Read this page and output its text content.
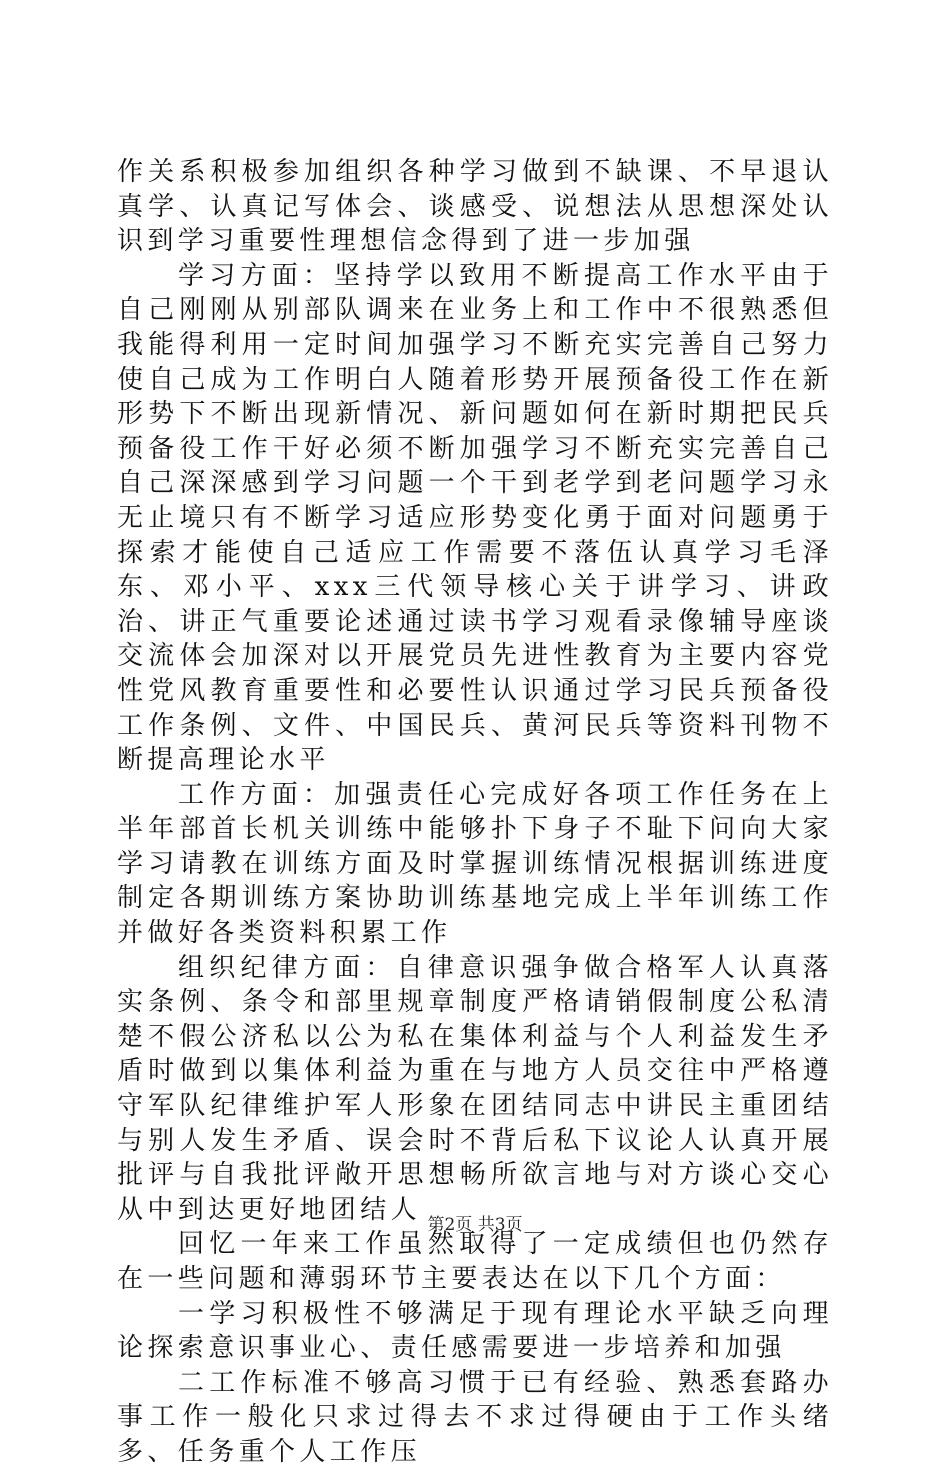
作关系积极参加组织各种学习做到不缺课、不早退认真学、认真记写体会、谈感受、说想法从思想深处认识到学习重要性理想信念得到了进一步加强

学习方面：坚持学以致用不断提高工作水平由于自己刚刚从别部队调来在业务上和工作中不很熟悉但我能得利用一定时间加强学习不断充实完善自己努力使自己成为工作明白人随着形势开展预备役工作在新形势下不断出现新情况、新问题如何在新时期把民兵预备役工作干好必须不断加强学习不断充实完善自己自己深深感到学习问题一个干到老学到老问题学习永无止境只有不断学习适应形势变化勇于面对问题勇于探索才能使自己适应工作需要不落伍认真学习毛泽东、邓小平、xxx三代领导核心关于讲学习、讲政治、讲正气重要论述通过读书学习观看录像辅导座谈交流体会加深对以开展党员先进性教育为主要内容党性党风教育重要性和必要性认识通过学习民兵预备役工作条例、文件、中国民兵、黄河民兵等资料刊物不断提高理论水平

工作方面：加强责任心完成好各项工作任务在上半年部首长机关训练中能够扑下身子不耻下问向大家学习请教在训练方面及时掌握训练情况根据训练进度制定各期训练方案协助训练基地完成上半年训练工作并做好各类资料积累工作

组织纪律方面：自律意识强争做合格军人认真落实条例、条令和部里规章制度严格请销假制度公私清楚不假公济私以公为私在集体利益与个人利益发生矛盾时做到以集体利益为重在与地方人员交往中严格遵守军队纪律维护军人形象在团结同志中讲民主重团结与别人发生矛盾、误会时不背后私下议论人认真开展批评与自我批评敞开思想畅所欲言地与对方谈心交心从中到达更好地团结人

回忆一年来工作虽然取得了一定成绩但也仍然存在一些问题和薄弱环节主要表达在以下几个方面：

一学习积极性不够满足于现有理论水平缺乏向理论探索意识事业心、责任感需要进一步培养和加强

二工作标准不够高习惯于已有经验、熟悉套路办事工作一般化只求过得去不求过得硬由于工作头绪多、任务重个人工作压

第2页 共3页
